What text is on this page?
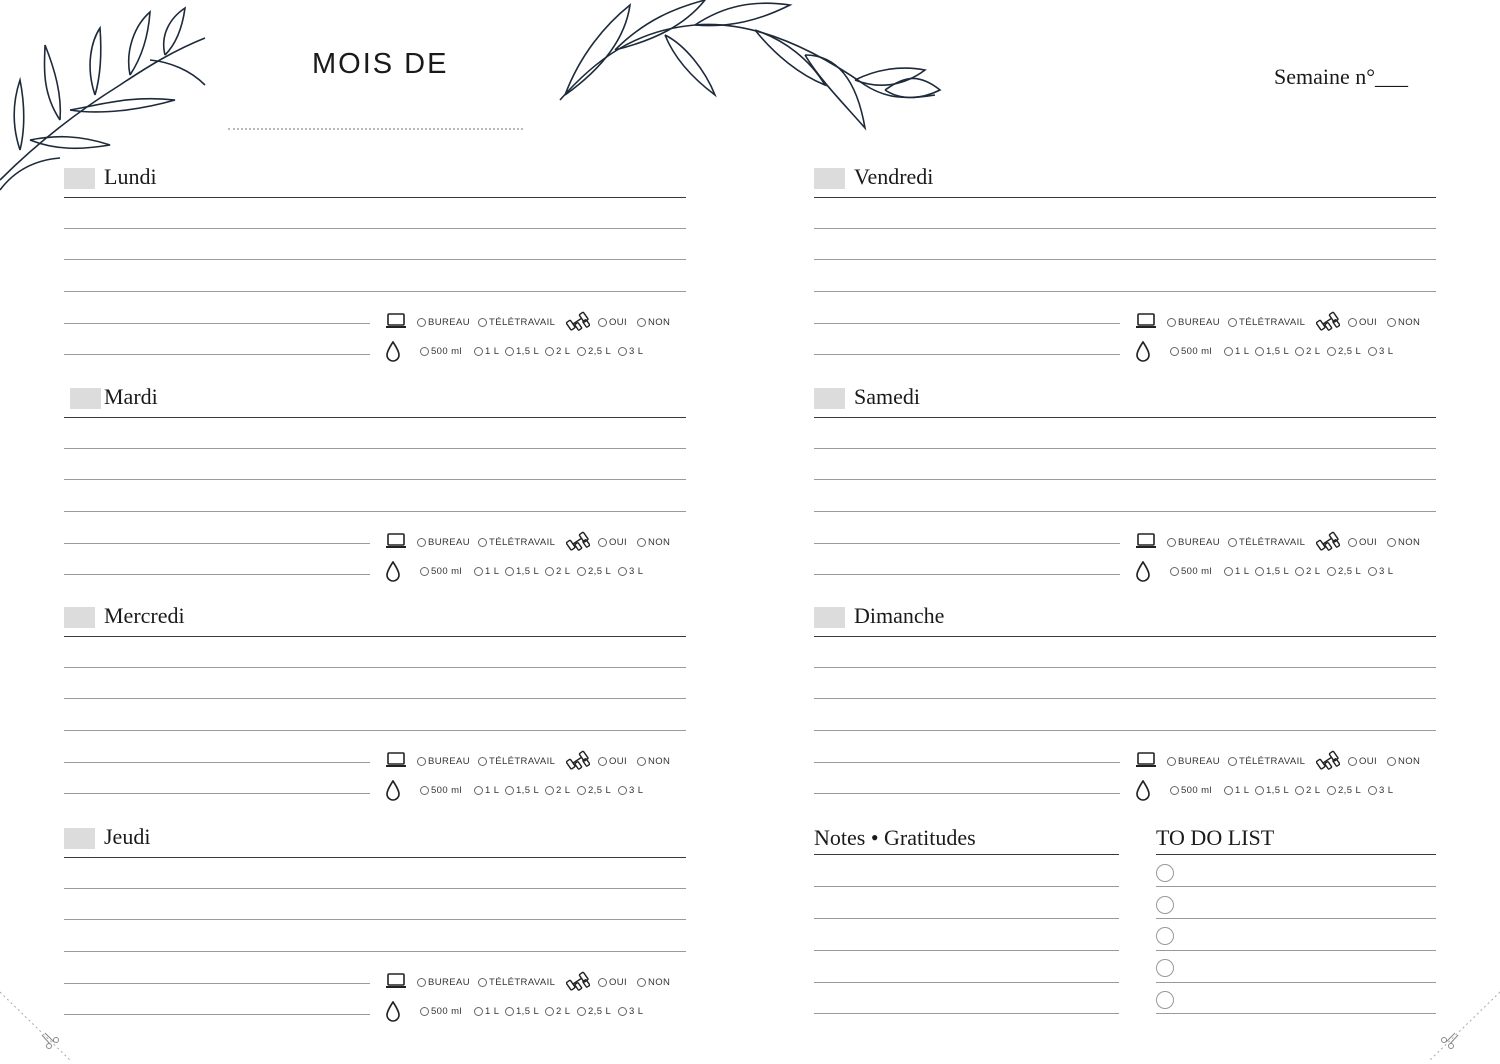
MOIS DE	Semaine n°___
Lundi
BUREAU TÉLÉTRAVAIL	OUI NON
500 ml 1 L 1,5 L 2 L 2,5 L 3 L
Mardi
BUREAU TÉLÉTRAVAIL	OUI NON
500 ml 1 L 1,5 L 2 L 2,5 L 3 L
Mercredi
BUREAU TÉLÉTRAVAIL	OUI NON
500 ml 1 L 1,5 L 2 L 2,5 L 3 L
Jeudi
BUREAU TÉLÉTRAVAIL	OUI NON
500 ml 1 L 1,5 L 2 L 2,5 L 3 L
Vendredi
BUREAU TÉLÉTRAVAIL	OUI NON
500 ml 1 L 1,5 L 2 L 2,5 L 3 L
Samedi
BUREAU TÉLÉTRAVAIL	OUI NON
500 ml 1 L 1,5 L 2 L 2,5 L 3 L
Dimanche
BUREAU TÉLÉTRAVAIL	OUI NON
500 ml 1 L 1,5 L 2 L 2,5 L 3 L
Notes • Gratitudes	TO DO LIST
